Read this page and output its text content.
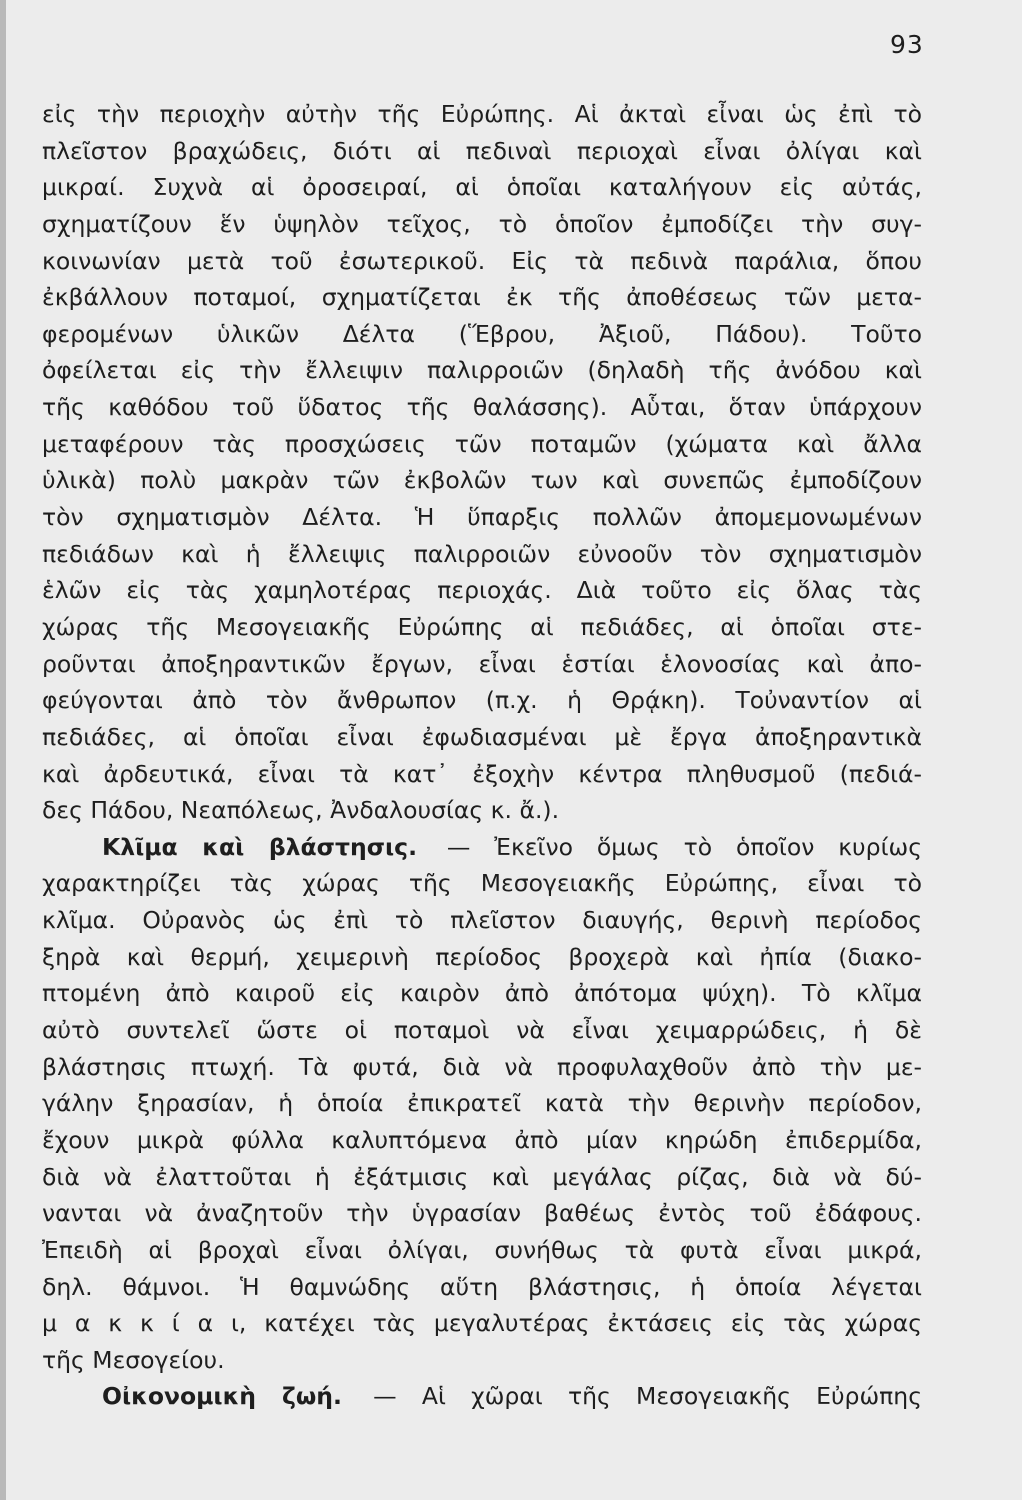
93
εἰς τὴν περιοχὴν αὐτὴν τῆς Εὐρώπης. Αἱ ἀκταὶ εἶναι ὡς ἐπὶ τὸ
πλεῖστον βραχώδεις, διότι αἱ πεδιναὶ περιοχαὶ εἶναι ὀλίγαι καὶ
μικραί. Συχνὰ αἱ ὀροσειραί, αἱ ὁποῖαι καταλήγουν εἰς αὐτάς,
σχηματίζουν ἕν ὑψηλὸν τεῖχος, τὸ ὁποῖον ἐμποδίζει τὴν συγ-
κοινωνίαν μετὰ τοῦ ἐσωτερικοῦ. Εἰς τὰ πεδινὰ παράλια, ὅπου
ἐκβάλλουν ποταμοί, σχηματίζεται ἐκ τῆς ἀποθέσεως τῶν μετα-
φερομένων ὑλικῶν Δέλτα (Ἕβρου, Ἀξιοῦ, Πάδου). Τοῦτο
ὀφείλεται εἰς τὴν ἔλλειψιν παλιρροιῶν (δηλαδὴ τῆς ἀνόδου καὶ
τῆς καθόδου τοῦ ὕδατος τῆς θαλάσσης). Αὗται, ὅταν ὑπάρχουν
μεταφέρουν τὰς προσχώσεις τῶν ποταμῶν (χώματα καὶ ἄλλα
ὑλικὰ) πολὺ μακρὰν τῶν ἐκβολῶν των καὶ συνεπῶς ἐμποδίζουν
τὸν σχηματισμὸν Δέλτα. Ἡ ὕπαρξις πολλῶν ἀπομεμονωμένων
πεδιάδων καὶ ἡ ἔλλειψις παλιρροιῶν εὐνοοῦν τὸν σχηματισμὸν
ἑλῶν εἰς τὰς χαμηλοτέρας περιοχάς. Διὰ τοῦτο εἰς ὅλας τὰς
χώρας τῆς Μεσογειακῆς Εὐρώπης αἱ πεδιάδες, αἱ ὁποῖαι στε-
ροῦνται ἀποξηραντικῶν ἔργων, εἶναι ἑστίαι ἑλονοσίας καὶ ἀπο-
φεύγονται ἀπὸ τὸν ἄνθρωπον (π.χ. ἡ Θρᾴκη). Τοὐναντίον αἱ
πεδιάδες, αἱ ὁποῖαι εἶναι ἐφωδιασμέναι μὲ ἔργα ἀποξηραντικὰ
καὶ ἀρδευτικά, εἶναι τὰ κατ᾽ ἐξοχὴν κέντρα πληθυσμοῦ (πεδιά-
δες Πάδου, Νεαπόλεως, Ἀνδαλουσίας κ. ἄ.).
Κλῖμα καὶ βλάστησις. — Ἐκεῖνο ὅμως τὸ ὁποῖον κυρίως
χαρακτηρίζει τὰς χώρας τῆς Μεσογειακῆς Εὐρώπης, εἶναι τὸ
κλῖμα. Οὐρανὸς ὡς ἐπὶ τὸ πλεῖστον διαυγής, θερινὴ περίοδος
ξηρὰ καὶ θερμή, χειμερινὴ περίοδος βροχερὰ καὶ ἠπία (διακο-
πτομένη ἀπὸ καιροῦ εἰς καιρὸν ἀπὸ ἀπότομα ψύχη). Τὸ κλῖμα
αὐτὸ συντελεῖ ὥστε οἱ ποταμοὶ νὰ εἶναι χειμαρρώδεις, ἡ δὲ
βλάστησις πτωχή. Τὰ φυτά, διὰ νὰ προφυλαχθοῦν ἀπὸ τὴν με-
γάλην ξηρασίαν, ἡ ὁποία ἐπικρατεῖ κατὰ τὴν θερινὴν περίοδον,
ἔχουν μικρὰ φύλλα καλυπτόμενα ἀπὸ μίαν κηρώδη ἐπιδερμίδα,
διὰ νὰ ἐλαττοῦται ἡ ἐξάτμισις καὶ μεγάλας ρίζας, διὰ νὰ δύ-
νανται νὰ ἀναζητοῦν τὴν ὑγρασίαν βαθέως ἐντὸς τοῦ ἐδάφους.
Ἐπειδὴ αἱ βροχαὶ εἶναι ὀλίγαι, συνήθως τὰ φυτὰ εἶναι μικρά,
δηλ. θάμνοι. Ἡ θαμνώδης αὕτη βλάστησις, ἡ ὁποία λέγεται
μ α κ κ ί α ι, κατέχει τὰς μεγαλυτέρας ἐκτάσεις εἰς τὰς χώρας
τῆς Μεσογείου.
Οἰκονομικὴ ζωή. — Αἱ χῶραι τῆς Μεσογειακῆς Εὐρώπης
